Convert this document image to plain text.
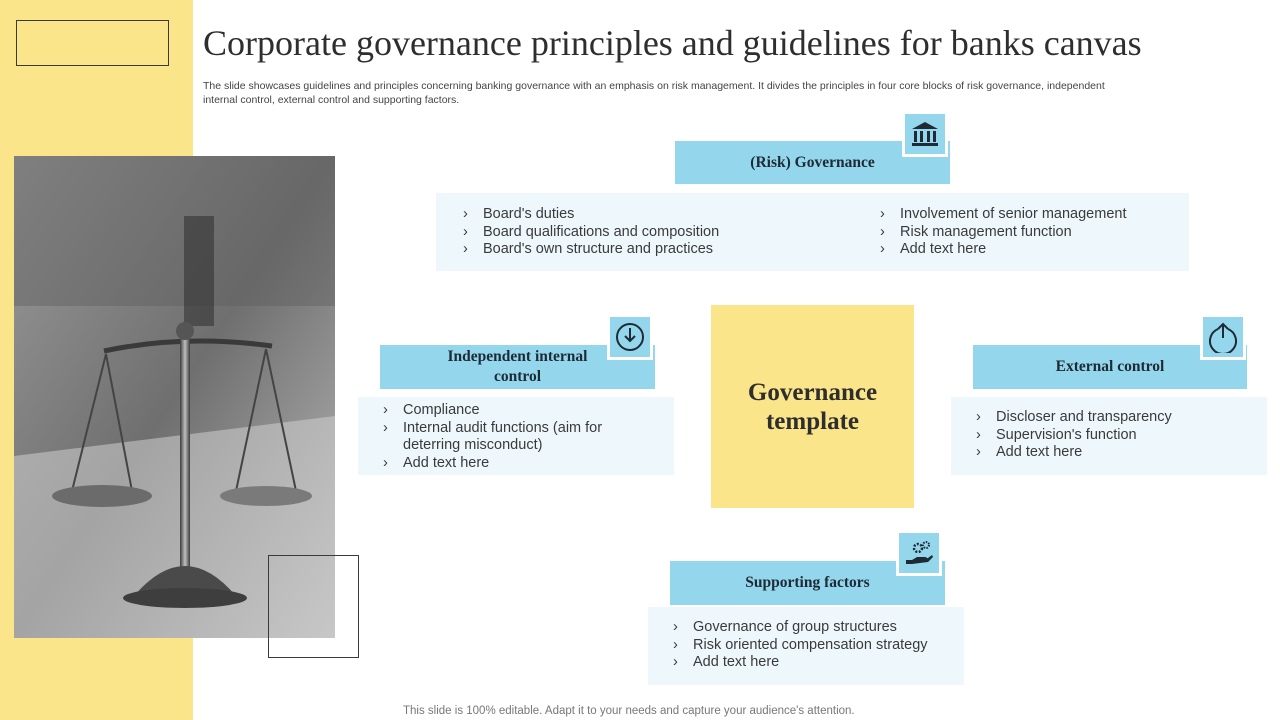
Corporate governance principles and guidelines for banks canvas
The slide showcases guidelines and principles concerning banking governance with an emphasis on risk management. It divides the principles in four core blocks of risk governance, independent internal control, external control and supporting factors.
(Risk) Governance
› Board's duties
› Board qualifications and composition
› Board's own structure and practices
› Involvement of senior management
› Risk management function
› Add text here
Independent internal control
› Compliance
› Internal audit functions (aim for deterring misconduct)
› Add text here
Governance template
External control
› Discloser and transparency
› Supervision's function
› Add text here
Supporting factors
› Governance of group structures
› Risk oriented compensation strategy
› Add text here
This slide is 100% editable. Adapt it to your needs and capture your audience's attention.
